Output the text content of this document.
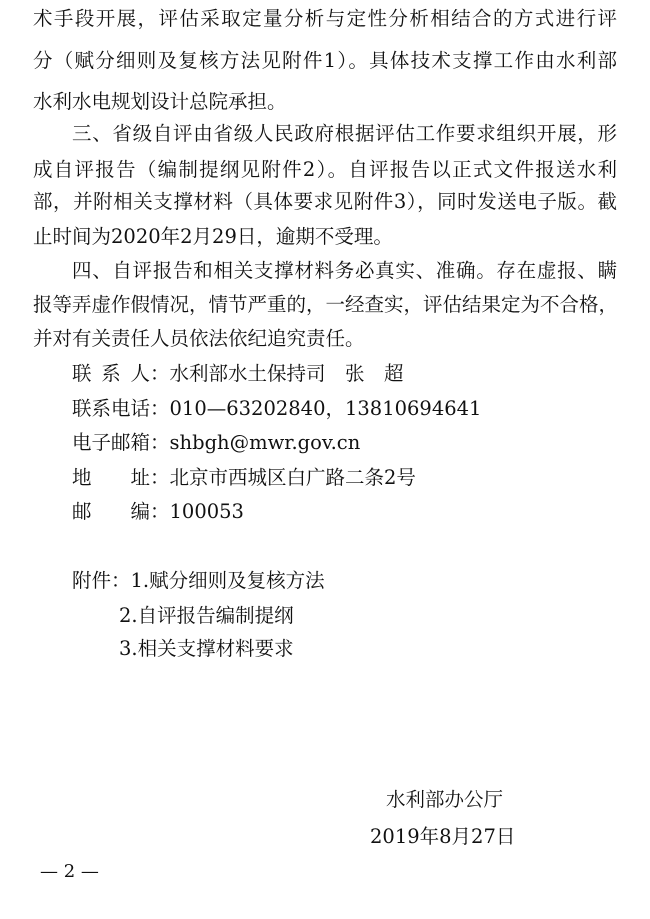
术手段开展，评估采取定量分析与定性分析相结合的方式进行评
分（赋分细则及复核方法见附件1）。具体技术支撑工作由水利部
水利水电规划设计总院承担。
三、省级自评由省级人民政府根据评估工作要求组织开展，形
成自评报告（编制提纲见附件2）。自评报告以正式文件报送水利
部，并附相关支撑材料（具体要求见附件3），同时发送电子版。截
止时间为2020年2月29日，逾期不受理。
四、自评报告和相关支撑材料务必真实、准确。存在虚报、瞒
报等弄虚作假情况，情节严重的，一经查实，评估结果定为不合格，
并对有关责任人员依法依纪追究责任。
联 系 人：水利部水土保持司　张　超
联系电话：010—63202840，13810694641
电子邮箱：shbgh@mwr.gov.cn
地　　址：北京市西城区白广路二条2号
邮　　编：100053
附件：1.赋分细则及复核方法
2.自评报告编制提纲
3.相关支撑材料要求
水利部办公厅
2019年8月27日
— 2 —
